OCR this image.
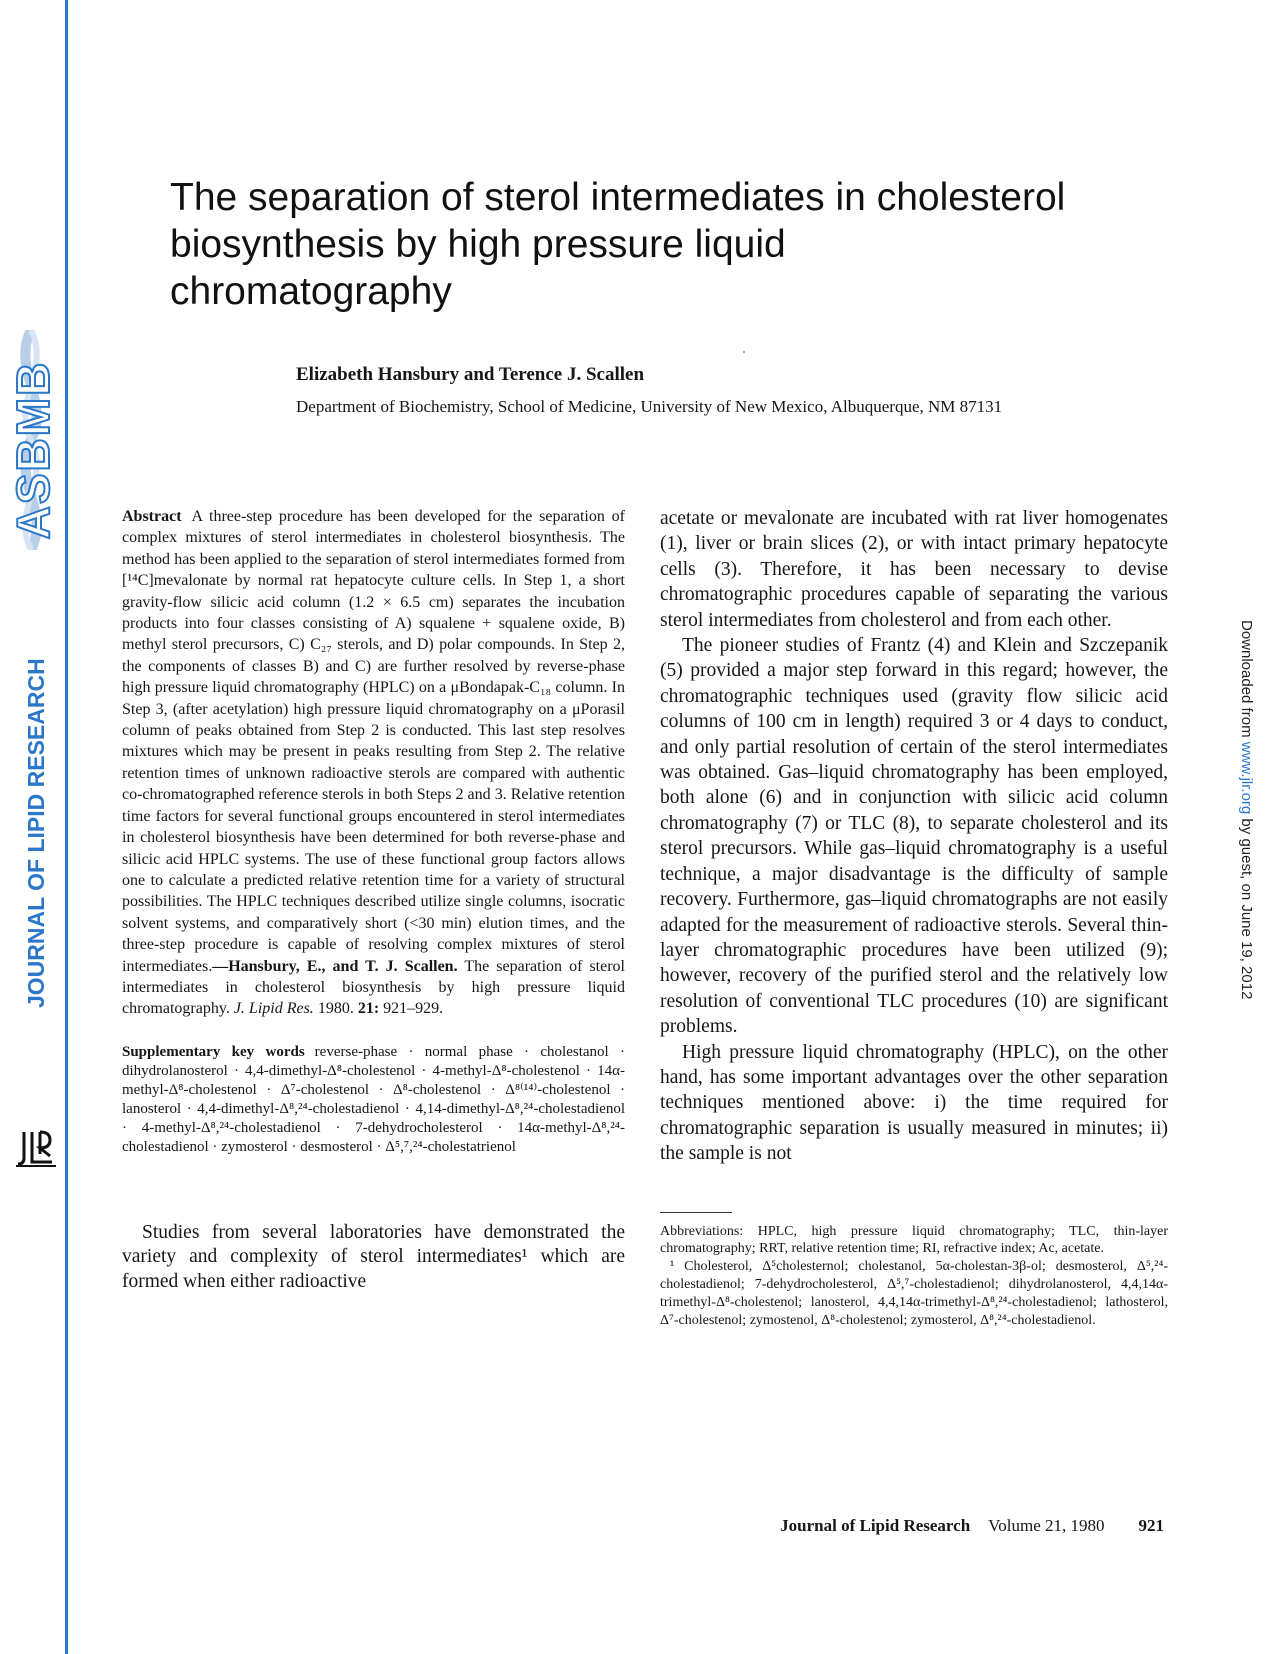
ASBMB
JOURNAL OF LIPID RESEARCH	Downloaded from www.jlr.org by guest, on June 19, 2012
The separation of sterol intermediates in cholesterol biosynthesis by high pressure liquid chromatography
Elizabeth Hansbury and Terence J. Scallen
Department of Biochemistry, School of Medicine, University of New Mexico, Albuquerque, NM 87131

Abstract A three-step procedure has been developed for the separation of complex mixtures of sterol intermediates in cholesterol biosynthesis. The method has been applied to the separation of sterol intermediates formed from [¹⁴C]mevalonate by normal rat hepatocyte culture cells. In Step 1, a short gravity-flow silicic acid column (1.2 × 6.5 cm) separates the incubation products into four classes consisting of A) squalene + squalene oxide, B) methyl sterol precursors, C) C₂₇ sterols, and D) polar compounds. In Step 2, the components of classes B) and C) are further resolved by reverse-phase high pressure liquid chromatography (HPLC) on a μBondapak-C₁₈ column. In Step 3, (after acetylation) high pressure liquid chromatography on a μPorasil column of peaks obtained from Step 2 is conducted. This last step resolves mixtures which may be present in peaks resulting from Step 2. The relative retention times of unknown radioactive sterols are compared with authentic co-chromatographed reference sterols in both Steps 2 and 3. Relative retention time factors for several functional groups encountered in sterol intermediates in cholesterol biosynthesis have been determined for both reverse-phase and silicic acid HPLC systems. The use of these functional group factors allows one to calculate a predicted relative retention time for a variety of structural possibilities. The HPLC techniques described utilize single columns, isocratic solvent systems, and comparatively short (<30 min) elution times, and the three-step procedure is capable of resolving complex mixtures of sterol intermediates.—Hansbury, E., and T. J. Scallen. The separation of sterol intermediates in cholesterol biosynthesis by high pressure liquid chromatography. J. Lipid Res. 1980. 21: 921–929.

Supplementary key words reverse-phase · normal phase · cholestanol · dihydrolanosterol · 4,4-dimethyl-Δ⁸-cholestenol · 4-methyl-Δ⁸-cholestenol · 14α-methyl-Δ⁸-cholestenol · Δ⁷-cholestenol · Δ⁸-cholestenol · Δ⁸⁽¹⁴⁾-cholestenol · lanosterol · 4,4-dimethyl-Δ⁸,²⁴-cholestadienol · 4,14-dimethyl-Δ⁸,²⁴-cholestadienol · 4-methyl-Δ⁸,²⁴-cholestadienol · 7-dehydrocholesterol · 14α-methyl-Δ⁸,²⁴-cholestadienol · zymosterol · desmosterol · Δ⁵,⁷,²⁴-cholestatrienol

Studies from several laboratories have demonstrated the variety and complexity of sterol intermediates¹ which are formed when either radioactive

acetate or mevalonate are incubated with rat liver homogenates (1), liver or brain slices (2), or with intact primary hepatocyte cells (3). Therefore, it has been necessary to devise chromatographic procedures capable of separating the various sterol intermediates from cholesterol and from each other.

The pioneer studies of Frantz (4) and Klein and Szczepanik (5) provided a major step forward in this regard; however, the chromatographic techniques used (gravity flow silicic acid columns of 100 cm in length) required 3 or 4 days to conduct, and only partial resolution of certain of the sterol intermediates was obtained. Gas–liquid chromatography has been employed, both alone (6) and in conjunction with silicic acid column chromatography (7) or TLC (8), to separate cholesterol and its sterol precursors. While gas–liquid chromatography is a useful technique, a major disadvantage is the difficulty of sample recovery. Furthermore, gas–liquid chromatographs are not easily adapted for the measurement of radioactive sterols. Several thin-layer chromatographic procedures have been utilized (9); however, recovery of the purified sterol and the relatively low resolution of conventional TLC procedures (10) are significant problems.

High pressure liquid chromatography (HPLC), on the other hand, has some important advantages over the other separation techniques mentioned above: i) the time required for chromatographic separation is usually measured in minutes; ii) the sample is not

Abbreviations: HPLC, high pressure liquid chromatography; TLC, thin-layer chromatography; RRT, relative retention time; RI, refractive index; Ac, acetate.

¹ Cholesterol, Δ⁵cholesternol; cholestanol, 5α-cholestan-3β-ol; desmosterol, Δ⁵,²⁴-cholestadienol; 7-dehydrocholesterol, Δ⁵,⁷-cholestadienol; dihydrolanosterol, 4,4,14α-trimethyl-Δ⁸-cholestenol; lanosterol, 4,4,14α-trimethyl-Δ⁸,²⁴-cholestadienol; lathosterol, Δ⁷-cholestenol; zymostenol, Δ⁸-cholestenol; zymosterol, Δ⁸,²⁴-cholestadienol.

Journal of Lipid Research Volume 21, 1980 921
